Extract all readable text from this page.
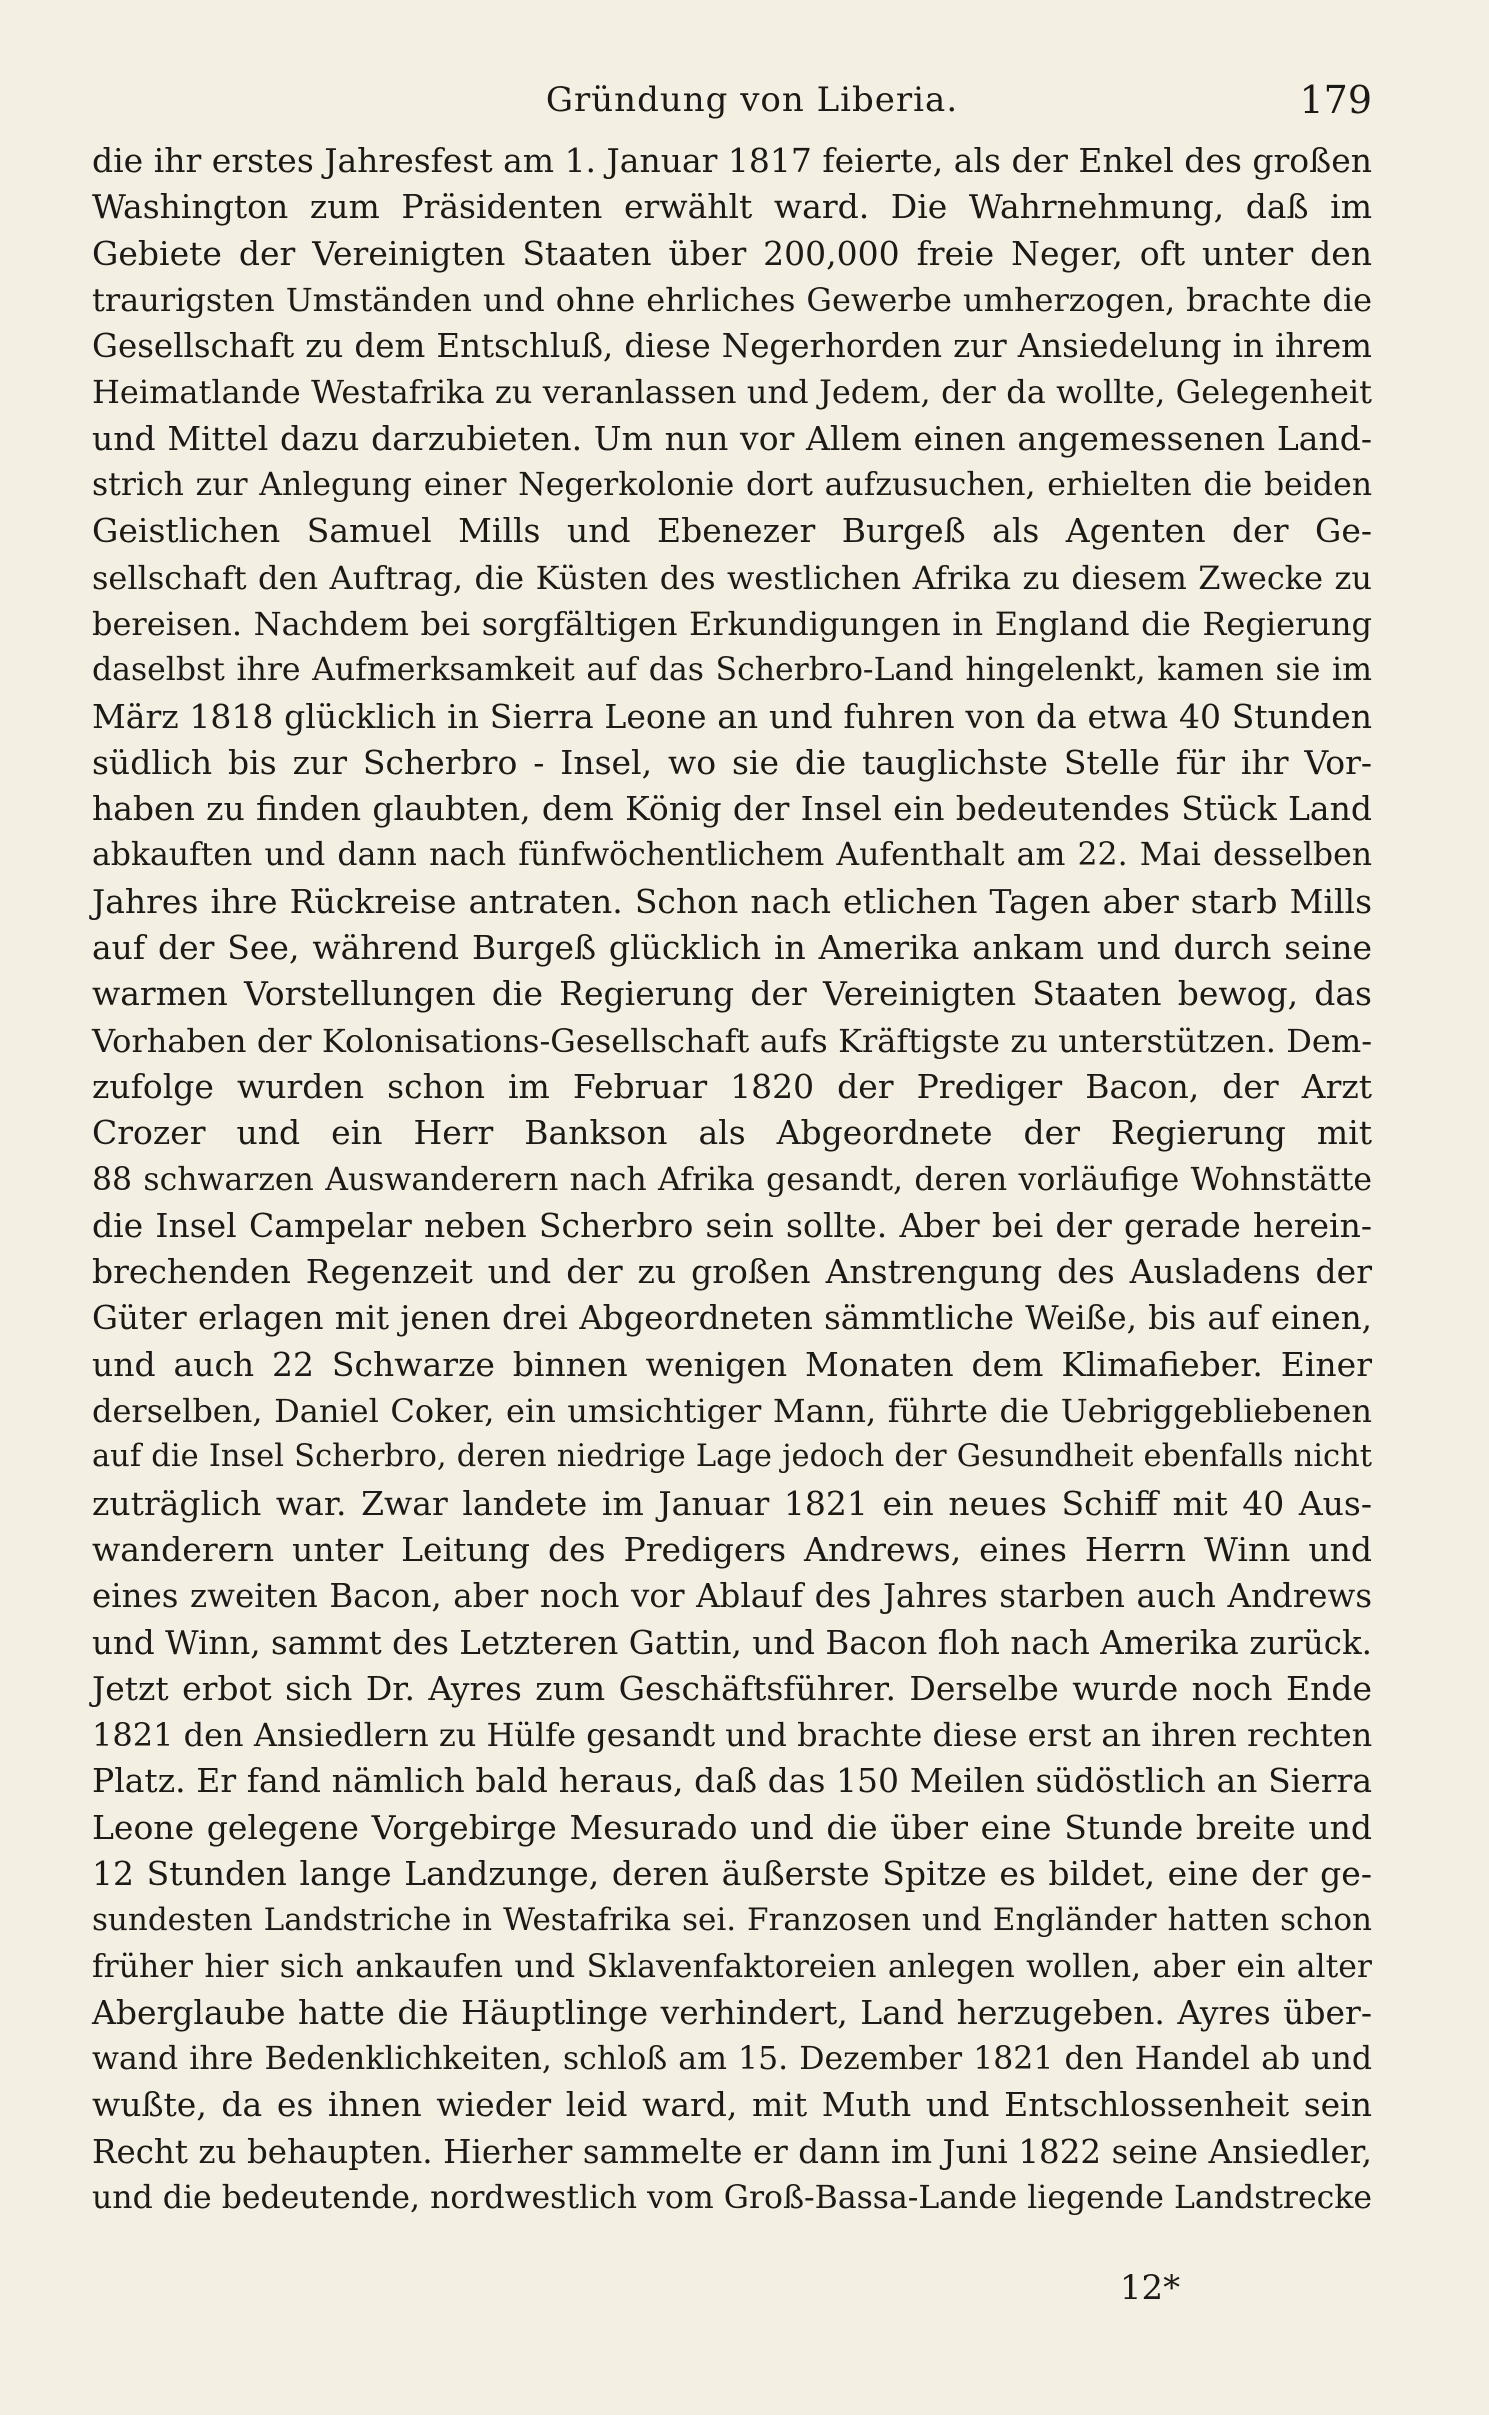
Gründung von Liberia.	179
die ihr erstes Jahresfest am 1. Januar 1817 feierte, als der Enkel des großen
Washington zum Präsidenten erwählt ward. Die Wahrnehmung, daß im
Gebiete der Vereinigten Staaten über 200,000 freie Neger, oft unter den
traurigsten Umständen und ohne ehrliches Gewerbe umherzogen, brachte die
Gesellschaft zu dem Entschluß, diese Negerhorden zur Ansiedelung in ihrem
Heimatlande Westafrika zu veranlassen und Jedem, der da wollte, Gelegenheit
und Mittel dazu darzubieten. Um nun vor Allem einen angemessenen Land-
strich zur Anlegung einer Negerkolonie dort aufzusuchen, erhielten die beiden
Geistlichen Samuel Mills und Ebenezer Burgeß als Agenten der Ge-
sellschaft den Auftrag, die Küsten des westlichen Afrika zu diesem Zwecke zu
bereisen. Nachdem bei sorgfältigen Erkundigungen in England die Regierung
daselbst ihre Aufmerksamkeit auf das Scherbro-Land hingelenkt, kamen sie im
März 1818 glücklich in Sierra Leone an und fuhren von da etwa 40 Stunden
südlich bis zur Scherbro - Insel, wo sie die tauglichste Stelle für ihr Vor-
haben zu finden glaubten, dem König der Insel ein bedeutendes Stück Land
abkauften und dann nach fünfwöchentlichem Aufenthalt am 22. Mai desselben
Jahres ihre Rückreise antraten. Schon nach etlichen Tagen aber starb Mills
auf der See, während Burgeß glücklich in Amerika ankam und durch seine
warmen Vorstellungen die Regierung der Vereinigten Staaten bewog, das
Vorhaben der Kolonisations-Gesellschaft aufs Kräftigste zu unterstützen. Dem-
zufolge wurden schon im Februar 1820 der Prediger Bacon, der Arzt
Crozer und ein Herr Bankson als Abgeordnete der Regierung mit
88 schwarzen Auswanderern nach Afrika gesandt, deren vorläufige Wohnstätte
die Insel Campelar neben Scherbro sein sollte. Aber bei der gerade herein-
brechenden Regenzeit und der zu großen Anstrengung des Ausladens der
Güter erlagen mit jenen drei Abgeordneten sämmtliche Weiße, bis auf einen,
und auch 22 Schwarze binnen wenigen Monaten dem Klimafieber. Einer
derselben, Daniel Coker, ein umsichtiger Mann, führte die Uebriggebliebenen
auf die Insel Scherbro, deren niedrige Lage jedoch der Gesundheit ebenfalls nicht
zuträglich war. Zwar landete im Januar 1821 ein neues Schiff mit 40 Aus-
wanderern unter Leitung des Predigers Andrews, eines Herrn Winn und
eines zweiten Bacon, aber noch vor Ablauf des Jahres starben auch Andrews
und Winn, sammt des Letzteren Gattin, und Bacon floh nach Amerika zurück.
Jetzt erbot sich Dr. Ayres zum Geschäftsführer. Derselbe wurde noch Ende
1821 den Ansiedlern zu Hülfe gesandt und brachte diese erst an ihren rechten
Platz. Er fand nämlich bald heraus, daß das 150 Meilen südöstlich an Sierra
Leone gelegene Vorgebirge Mesurado und die über eine Stunde breite und
12 Stunden lange Landzunge, deren äußerste Spitze es bildet, eine der ge-
sundesten Landstriche in Westafrika sei. Franzosen und Engländer hatten schon
früher hier sich ankaufen und Sklavenfaktoreien anlegen wollen, aber ein alter
Aberglaube hatte die Häuptlinge verhindert, Land herzugeben. Ayres über-
wand ihre Bedenklichkeiten, schloß am 15. Dezember 1821 den Handel ab und
wußte, da es ihnen wieder leid ward, mit Muth und Entschlossenheit sein
Recht zu behaupten. Hierher sammelte er dann im Juni 1822 seine Ansiedler,
und die bedeutende, nordwestlich vom Groß-Bassa-Lande liegende Landstrecke
12*
